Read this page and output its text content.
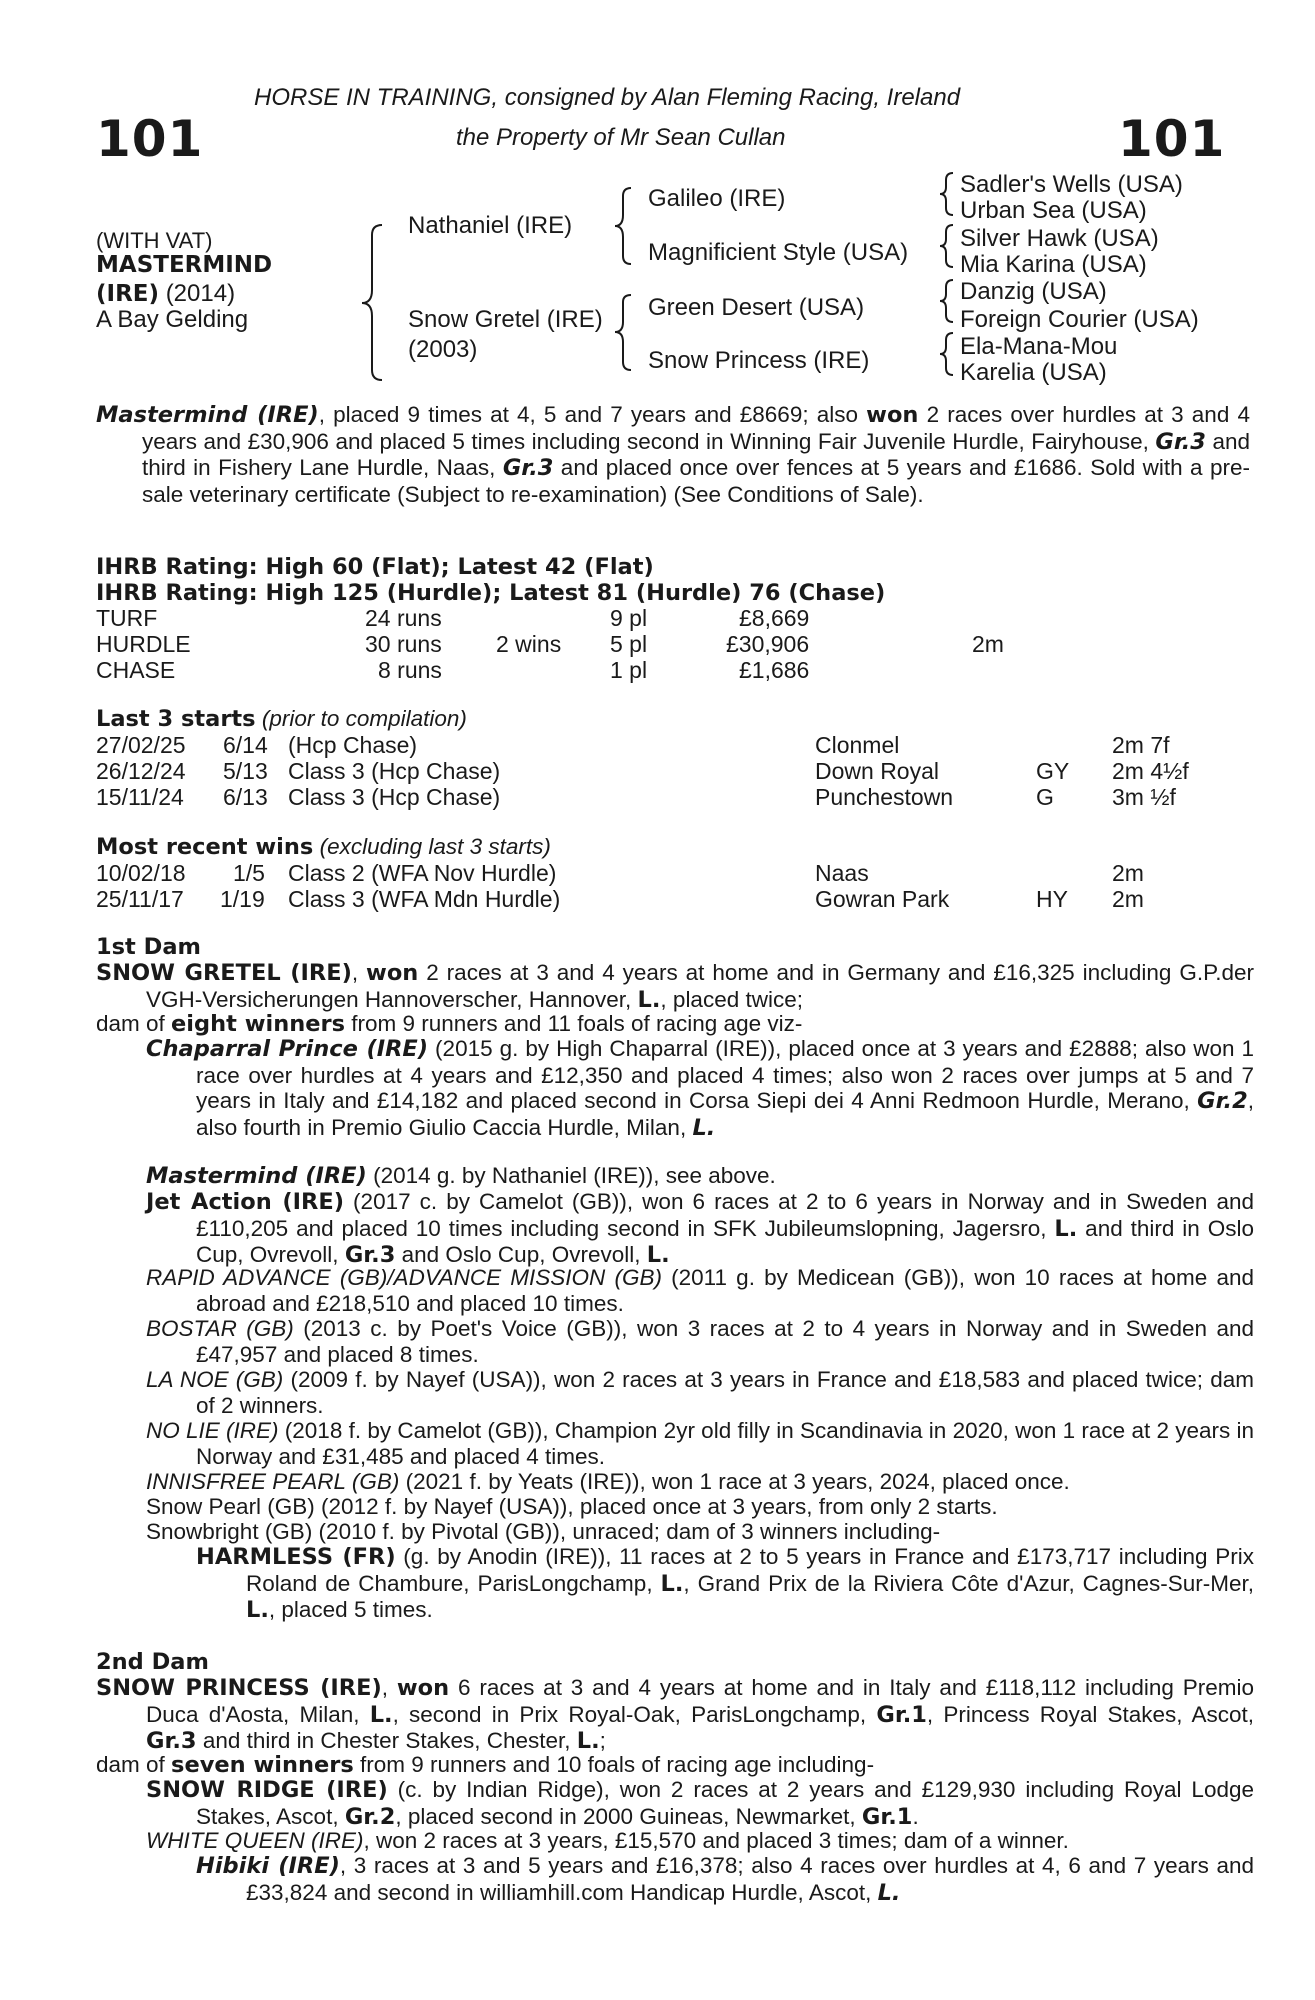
101	101
HORSE IN TRAINING, consigned by Alan Fleming Racing, Ireland
the Property of Mr Sean Cullan
(WITH VAT)
MASTERMIND
(IRE) (2014)
A Bay Gelding
Nathaniel (IRE)
Snow Gretel (IRE)
(2003)
Galileo (IRE)
Magnificient Style (USA)
Green Desert (USA)
Snow Princess (IRE)
Sadler's Wells (USA)
Urban Sea (USA)
Silver Hawk (USA)
Mia Karina (USA)
Danzig (USA)
Foreign Courier (USA)
Ela-Mana-Mou
Karelia (USA)
Mastermind (IRE), placed 9 times at 4, 5 and 7 years and £8669; also won 2 races over hurdles at 3 and 4 years and £30,906 and placed 5 times including second in Winning Fair Juvenile Hurdle, Fairyhouse, Gr.3 and third in Fishery Lane Hurdle, Naas, Gr.3 and placed once over fences at 5 years and £1686. Sold with a pre-sale veterinary certificate (Subject to re-examination) (See Conditions of Sale).
IHRB Rating: High 60 (Flat); Latest 42 (Flat)
IHRB Rating: High 125 (Hurdle); Latest 81 (Hurdle) 76 (Chase)
TURF	24 runs	9 pl	£8,669
HURDLE	30 runs 2 wins 5 pl	£30,906	2m
CHASE	8 runs	1 pl	£1,686
Last 3 starts (prior to compilation)
27/02/25 6/14 (Hcp Chase)	Clonmel	2m 7f
26/12/24 5/13 Class 3 (Hcp Chase)	Down Royal	GY 2m 4½f
15/11/24 6/13 Class 3 (Hcp Chase)	Punchestown	G	3m ½f
Most recent wins (excluding last 3 starts)
10/02/18 1/5 Class 2 (WFA Nov Hurdle)	Naas	2m
25/11/17 1/19 Class 3 (WFA Mdn Hurdle)	Gowran Park	HY 2m
1st Dam
SNOW GRETEL (IRE), won 2 races at 3 and 4 years at home and in Germany and £16,325 including G.P.der VGH-Versicherungen Hannoverscher, Hannover, L., placed twice;
dam of eight winners from 9 runners and 11 foals of racing age viz-
Chaparral Prince (IRE) (2015 g. by High Chaparral (IRE)), placed once at 3 years and £2888; also won 1 race over hurdles at 4 years and £12,350 and placed 4 times; also won 2 races over jumps at 5 and 7 years in Italy and £14,182 and placed second in Corsa Siepi dei 4 Anni Redmoon Hurdle, Merano, Gr.2, also fourth in Premio Giulio Caccia Hurdle, Milan, L.
Mastermind (IRE) (2014 g. by Nathaniel (IRE)), see above.
Jet Action (IRE) (2017 c. by Camelot (GB)), won 6 races at 2 to 6 years in Norway and in Sweden and £110,205 and placed 10 times including second in SFK Jubileumslopning, Jagersro, L. and third in Oslo Cup, Ovrevoll, Gr.3 and Oslo Cup, Ovrevoll, L.
RAPID ADVANCE (GB)/ADVANCE MISSION (GB) (2011 g. by Medicean (GB)), won 10 races at home and abroad and £218,510 and placed 10 times.
BOSTAR (GB) (2013 c. by Poet's Voice (GB)), won 3 races at 2 to 4 years in Norway and in Sweden and £47,957 and placed 8 times.
LA NOE (GB) (2009 f. by Nayef (USA)), won 2 races at 3 years in France and £18,583 and placed twice; dam of 2 winners.
NO LIE (IRE) (2018 f. by Camelot (GB)), Champion 2yr old filly in Scandinavia in 2020, won 1 race at 2 years in Norway and £31,485 and placed 4 times.
INNISFREE PEARL (GB) (2021 f. by Yeats (IRE)), won 1 race at 3 years, 2024, placed once.
Snow Pearl (GB) (2012 f. by Nayef (USA)), placed once at 3 years, from only 2 starts.
Snowbright (GB) (2010 f. by Pivotal (GB)), unraced; dam of 3 winners including-
HARMLESS (FR) (g. by Anodin (IRE)), 11 races at 2 to 5 years in France and £173,717 including Prix Roland de Chambure, ParisLongchamp, L., Grand Prix de la Riviera Côte d'Azur, Cagnes-Sur-Mer, L., placed 5 times.
2nd Dam
SNOW PRINCESS (IRE), won 6 races at 3 and 4 years at home and in Italy and £118,112 including Premio Duca d'Aosta, Milan, L., second in Prix Royal-Oak, ParisLongchamp, Gr.1, Princess Royal Stakes, Ascot, Gr.3 and third in Chester Stakes, Chester, L.;
dam of seven winners from 9 runners and 10 foals of racing age including-
SNOW RIDGE (IRE) (c. by Indian Ridge), won 2 races at 2 years and £129,930 including Royal Lodge Stakes, Ascot, Gr.2, placed second in 2000 Guineas, Newmarket, Gr.1.
WHITE QUEEN (IRE), won 2 races at 3 years, £15,570 and placed 3 times; dam of a winner.
Hibiki (IRE), 3 races at 3 and 5 years and £16,378; also 4 races over hurdles at 4, 6 and 7 years and £33,824 and second in williamhill.com Handicap Hurdle, Ascot, L.
